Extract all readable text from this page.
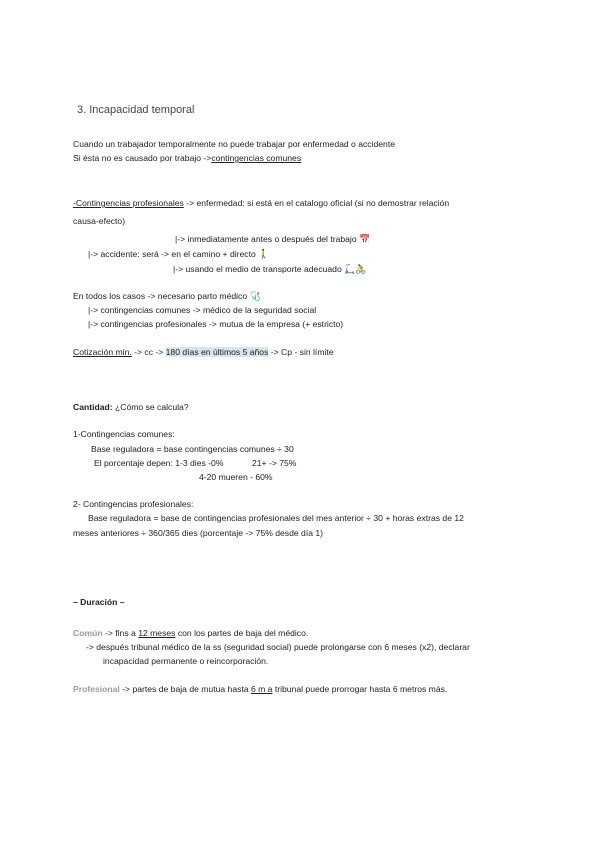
3. Incapacidad temporal
Cuando un trabajador temporalmente no puede trabajar por enfermedad o accidente
Si ésta no es causado por trabajo ->contingencias comunes
-Contingencias profesionales -> enfermedad: si está en el catalogo oficial (si no demostrar relación
causa-efecto)
|-> inmediatamente antes o después del trabajo 📅
|-> accidente: será -> en el camino + directo 🚶
|-> usando el medio de transporte adecuado 🛴🚴
En todos los casos -> necesario parto médico 🩺
|-> contingencias comunes -> médico de la seguridad social
|-> contingencias profesionales -> mutua de la empresa (+ estricto)
Cotización min. -> cc -> 180 días en últimos 5 años -> Cp - sin límite
Cantidad: ¿Cómo se calcula?
1-Contingencias comunes:
Base reguladora = base contingencias comunes ÷ 30
El porcentaje depen: 1-3 dies -0%	21+ -> 75%
4-20 mueren - 60%
2- Contingencias profesionales:
Base reguladora = base de contingencias profesionales del mes anterior ÷ 30 + horas extras de 12
meses anteriores ÷ 360/365 dies (porcentaje -> 75% desde día 1)
– Duración –
Común -> fins a 12 meses con los partes de baja del médico.
-> después tribunal médico de la ss (seguridad social) puede prolongarse con 6 meses (x2), declarar
incapacidad permanente o reincorporación.
Profesional -> partes de baja de mutua hasta 6 m a tribunal puede prorrogar hasta 6 metros más.
